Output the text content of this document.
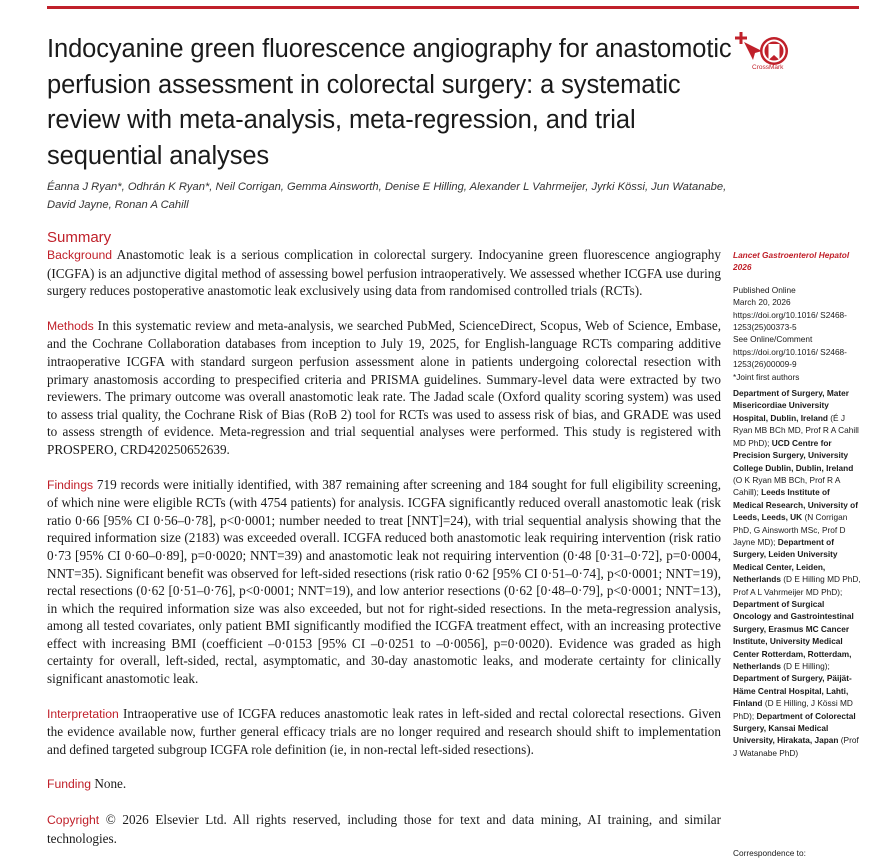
Indocyanine green fluorescence angiography for anastomotic
perfusion assessment in colorectal surgery: a systematic
review with meta-analysis, meta-regression, and trial
sequential analyses
CrossMark

Éanna J Ryan*, Odhrán K Ryan*, Neil Corrigan, Gemma Ainsworth, Denise E Hilling, Alexander L Vahrmeijer, Jyrki Kössi, Jun Watanabe,
David Jayne, Ronan A Cahill

Summary

Background Anastomotic leak is a serious complication in colorectal surgery. Indocyanine green fluorescence angiography (ICGFA) is an adjunctive digital method of assessing bowel perfusion intraoperatively. We assessed whether ICGFA use during surgery reduces postoperative anastomotic leak exclusively using data from randomised controlled trials (RCTs).

Methods In this systematic review and meta-analysis, we searched PubMed, ScienceDirect, Scopus, Web of Science, Embase, and the Cochrane Collaboration databases from inception to July 19, 2025, for English-language RCTs comparing additive intraoperative ICGFA with standard surgeon perfusion assessment alone in patients undergoing colorectal resection with primary anastomosis according to prespecified criteria and PRISMA guidelines. Summary-level data were extracted by two reviewers. The primary outcome was overall anastomotic leak rate. The Jadad scale (Oxford quality scoring system) was used to assess trial quality, the Cochrane Risk of Bias (RoB 2) tool for RCTs was used to assess risk of bias, and GRADE was used to assess strength of evidence. Meta-regression and trial sequential analyses were performed. This study is registered with PROSPERO, CRD420250652639.

Findings 719 records were initially identified, with 387 remaining after screening and 184 sought for full eligibility screening, of which nine were eligible RCTs (with 4754 patients) for analysis. ICGFA significantly reduced overall anastomotic leak (risk ratio 0·66 [95% CI 0·56–0·78], p<0·0001; number needed to treat [NNT]=24), with trial sequential analysis showing that the required information size (2183) was exceeded overall. ICGFA reduced both anastomotic leak requiring intervention (risk ratio 0·73 [95% CI 0·60–0·89], p=0·0020; NNT=39) and anastomotic leak not requiring intervention (0·48 [0·31–0·72], p=0·0004, NNT=35). Significant benefit was observed for left-sided resections (risk ratio 0·62 [95% CI 0·51–0·74], p<0·0001; NNT=19), rectal resections (0·62 [0·51–0·76], p<0·0001; NNT=19), and low anterior resections (0·62 [0·48–0·79], p<0·0001; NNT=13), in which the required information size was also exceeded, but not for right-sided resections. In the meta-regression analysis, among all tested covariates, only patient BMI significantly modified the ICGFA treatment effect, with an increasing protective effect with increasing BMI (coefficient –0·0153 [95% CI –0·0251 to –0·0056], p=0·0020). Evidence was graded as high certainty for overall, left-sided, rectal, asymptomatic, and 30-day anastomotic leaks, and moderate certainty for clinically significant anastomotic leak.

Interpretation Intraoperative use of ICGFA reduces anastomotic leak rates in left-sided and rectal colorectal resections. Given the evidence available now, further general efficacy trials are no longer required and research should shift to implementation and defined targeted subgroup ICGFA role definition (ie, in non-rectal left-sided resections).

Funding None.

Copyright © 2026 Elsevier Ltd. All rights reserved, including those for text and data mining, AI training, and similar technologies.

Lancet Gastroenterol Hepatol 2026
Published Online
March 20, 2026
https://doi.org/10.1016/ S2468-1253(25)00373-5
See Online/Comment
https://doi.org/10.1016/ S2468-1253(26)00009-9
*Joint first authors
Department of Surgery, Mater Misericordiae University Hospital, Dublin, Ireland (É J Ryan MB BCh MD, Prof R A Cahill MD PhD); UCD Centre for Precision Surgery, University College Dublin, Dublin, Ireland (O K Ryan MB BCh, Prof R A Cahill); Leeds Institute of Medical Research, University of Leeds, Leeds, UK (N Corrigan PhD, G Ainsworth MSc, Prof D Jayne MD); Department of Surgery, Leiden University Medical Center, Leiden, Netherlands (D E Hilling MD PhD, Prof A L Vahrmeijer MD PhD); Department of Surgical Oncology and Gastrointestinal Surgery, Erasmus MC Cancer Institute, University Medical Center Rotterdam, Rotterdam, Netherlands (D E Hilling); Department of Surgery, Päijät-Häme Central Hospital, Lahti, Finland (D E Hilling, J Kössi MD PhD); Department of Colorectal Surgery, Kansai Medical University, Hirakata, Japan (Prof J Watanabe PhD)
Correspondence to:
